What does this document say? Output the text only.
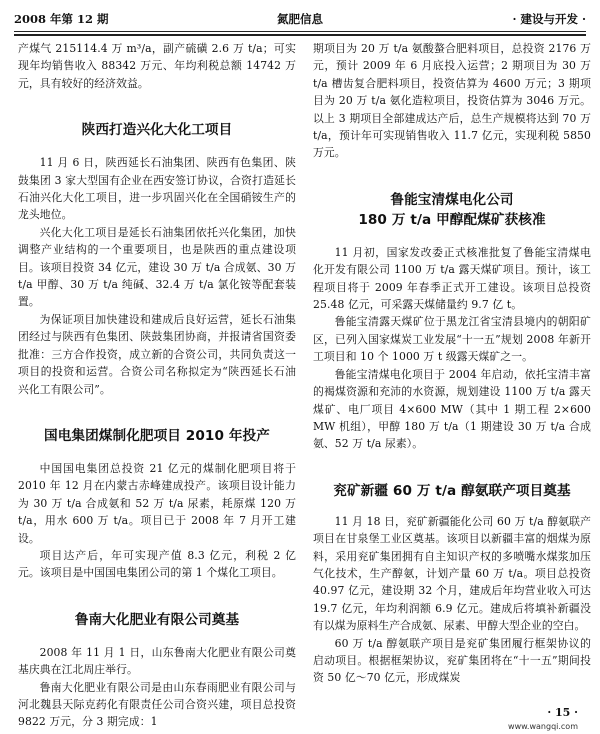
2008 年第 12 期	氮肥信息	· 建设与开发 ·

产煤气 215114.4 万 m³/a，副产硫磺 2.6 万 t/a；可实现年均销售收入 88342 万元、年均利税总额 14742 万元，具有较好的经济效益。

陕西打造兴化大化工项目

11 月 6 日，陕西延长石油集团、陕西有色集团、陕鼓集团 3 家大型国有企业在西安签订协议，合资打造延长石油兴化大化工项目，进一步巩固兴化在全国硝铵生产的龙头地位。

兴化大化工项目是延长石油集团依托兴化集团，加快调整产业结构的一个重要项目，也是陕西的重点建设项目。该项目投资 34 亿元，建设 30 万 t/a 合成氨、30 万 t/a 甲醇、30 万 t/a 纯碱、32.4 万 t/a 氯化铵等配套装置。

为保证项目加快建设和建成后良好运营，延长石油集团经过与陕西有色集团、陕鼓集团协商，并报请省国资委批准：三方合作投资，成立新的合资公司，共同负责这一项目的投资和运营。合资公司名称拟定为“陕西延长石油兴化工有限公司”。

国电集团煤制化肥项目 2010 年投产

中国国电集团总投资 21 亿元的煤制化肥项目将于 2010 年 12 月在内蒙古赤峰建成投产。该项目设计能力为 30 万 t/a 合成氨和 52 万 t/a 尿素，耗原煤 120 万 t/a，用水 600 万 t/a。项目已于 2008 年 7 月开工建设。

项目达产后，年可实现产值 8.3 亿元，利税 2 亿元。该项目是中国国电集团公司的第 1 个煤化工项目。

鲁南大化肥业有限公司奠基

2008 年 11 月 1 日，山东鲁南大化肥业有限公司奠基庆典在江北周庄举行。

鲁南大化肥业有限公司是由山东春雨肥业有限公司与河北魏县天际克药化有限责任公司合资兴建，项目总投资 9822 万元，分 3 期完成：1

期项目为 20 万 t/a 氨酸螯合肥料项目，总投资 2176 万元，预计 2009 年 6 月底投入运营；2 期项目为 30 万 t/a 槽齿复合肥料项目，投资估算为 4600 万元；3 期项目为 20 万 t/a 氨化造粒项目，投资估算为 3046 万元。以上 3 期项目全部建成达产后，总生产规模将达到 70 万 t/a，预计年可实现销售收入 11.7 亿元，实现利税 5850 万元。

鲁能宝清煤电化公司
180 万 t/a 甲醇配煤矿获核准

11 月初，国家发改委正式核准批复了鲁能宝清煤电化开发有限公司 1100 万 t/a 露天煤矿项目。预计，该工程项目将于 2009 年春季正式开工建设。该项目总投资 25.48 亿元，可采露天煤储量约 9.7 亿 t。

鲁能宝清露天煤矿位于黑龙江省宝清县境内的朝阳矿区，已列入国家煤炭工业发展“十一五”规划 2008 年新开工项目和 10 个 1000 万 t 级露天煤矿之一。

鲁能宝清煤电化项目于 2004 年启动，依托宝清丰富的褐煤资源和充沛的水资源，规划建设 1100 万 t/a 露天煤矿、电厂项目 4×600 MW（其中 1 期工程 2×600 MW 机组），甲醇 180 万 t/a（1 期建设 30 万 t/a 合成氨、52 万 t/a 尿素）。

兖矿新疆 60 万 t/a 醇氨联产项目奠基

11 月 18 日，兖矿新疆能化公司 60 万 t/a 醇氨联产项目在甘泉堡工业区奠基。该项目以新疆丰富的烟煤为原料，采用兖矿集团拥有自主知识产权的多喷嘴水煤浆加压气化技术，生产醇氨，计划产量 60 万 t/a。项目总投资 40.97 亿元，建设期 32 个月，建成后年均营业收入可达 19.7 亿元，年均利润额 6.9 亿元。建成后将填补新疆没有以煤为原料生产合成氨、尿素、甲醇大型企业的空白。

60 万 t/a 醇氨联产项目是兖矿集团履行框架协议的启动项目。根据框架协议，兖矿集团将在“十一五”期间投资 50 亿～70 亿元，形成煤炭

· 15 ·
www.wangqi.com
